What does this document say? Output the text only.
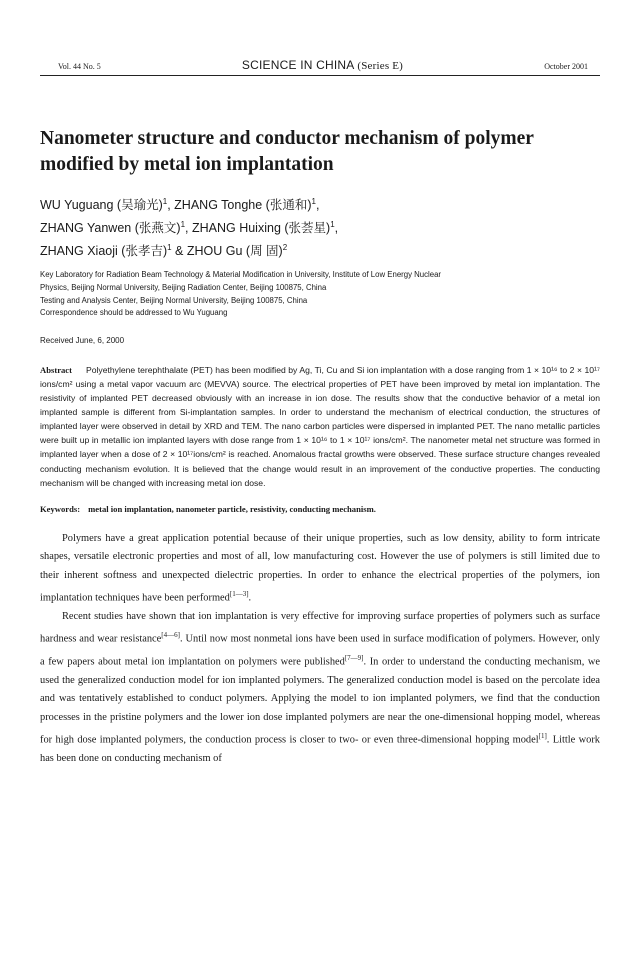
Vol. 44 No. 5	SCIENCE IN CHINA (Series E)	October 2001
Nanometer structure and conductor mechanism of polymer
modified by metal ion implantation
WU Yuguang (吴瑜光)$^1$, ZHANG Tonghe (张通和)$^1$,
ZHANG Yanwen (张燕文)$^1$, ZHANG Huixing (张荟星)$^1$,
ZHANG Xiaoji (张孝吉)$^1$ & ZHOU Gu (周 固)$^2$
Key Laboratory for Radiation Beam Technology & Material Modification in University, Institute of Low Energy Nuclear
Physics, Beijing Normal University, Beijing Radiation Center, Beijing 100875, China
Testing and Analysis Center, Beijing Normal University, Beijing 100875, China
Correspondence should be addressed to Wu Yuguang
Received June, 6, 2000
Abstract Polyethylene terephthalate (PET) has been modified by Ag, Ti, Cu and Si ion implantation with a dose ranging from 1 × 10¹⁶ to 2 × 10¹⁷ ions/cm² using a metal vapor vacuum arc (MEVVA) source. The electrical properties of PET have been improved by metal ion implantation. The resistivity of implanted PET decreased obviously with an increase in ion dose. The results show that the conductive behavior of a metal ion implanted sample is different from Si-implantation samples. In order to understand the mechanism of electrical conduction, the structures of implanted layer were observed in detail by XRD and TEM. The nano carbon particles were dispersed in implanted PET. The nano metallic particles were built up in metallic ion implanted layers with dose range from 1 × 10¹⁶ to 1 × 10¹⁷ ions/cm². The nanometer metal net structure was formed in implanted layer when a dose of 2 × 10¹⁷ions/cm² is reached. Anomalous fractal growths were observed. These surface structure changes revealed conducting mechanism evolution. It is believed that the change would result in an improvement of the conductive properties. The conducting mechanism will be changed with increasing metal ion dose.
Keywords: metal ion implantation, nanometer particle, resistivity, conducting mechanism.

Polymers have a great application potential because of their unique properties, such as low density, ability to form intricate shapes, versatile electronic properties and most of all, low manufacturing cost. However the use of polymers is still limited due to their inherent softness and unexpected dielectric properties. In order to enhance the electrical properties of the polymers, ion implantation techniques have been performed[1—3].

Recent studies have shown that ion implantation is very effective for improving surface properties of polymers such as surface hardness and wear resistance[4—6]. Until now most nonmetal ions have been used in surface modification of polymers. However, only a few papers about metal ion implantation on polymers were published[7—9]. In order to understand the conducting mechanism, we used the generalized conduction model for ion implanted polymers. The generalized conduction model is based on the percolate idea and was tentatively established to conduct polymers. Applying the model to ion implanted polymers, we find that the conduction processes in the pristine polymers and the lower ion dose implanted polymers are near the one-dimensional hopping model, whereas for high dose implanted polymers, the conduction process is closer to two- or even three-dimensional hopping model[1]. Little work has been done on conducting mechanism of
